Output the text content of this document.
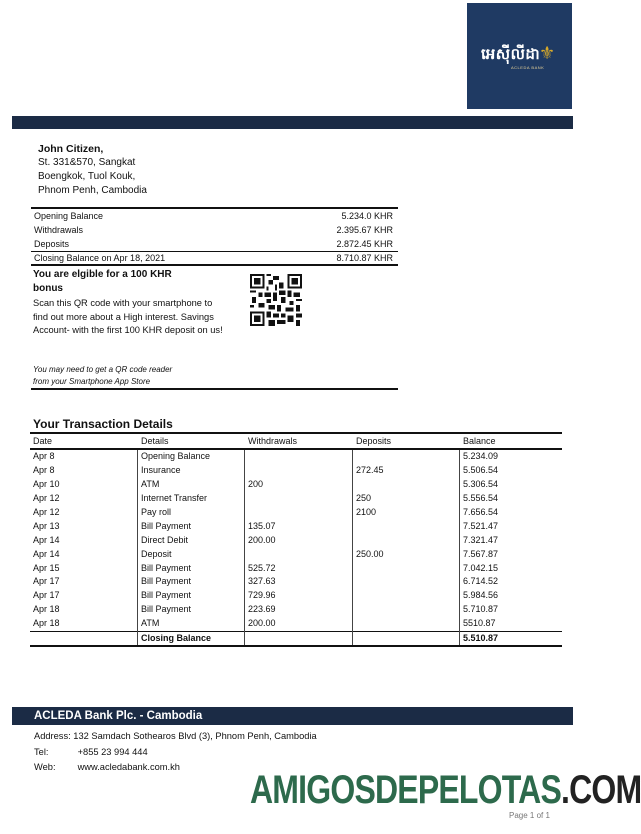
អេស៊ីលីដា
⚜
ACLEDA BANK
John Citizen,
St. 331&570, Sangkat
Boengkok, Tuol Kouk,
Phnom Penh, Cambodia
Opening Balance	5.234.0 KHR
Withdrawals	2.395.67 KHR
Deposits	2.872.45 KHR
Closing Balance on Apr 18, 2021	8.710.87 KHR
You are elgible for a 100 KHR bonus
Scan this QR code with your smartphone to find out more about a High interest. Savings Account- with the first 100 KHR deposit on us!
You may need to get a QR code reader
from your Smartphone App Store
Your Transaction Details
Date	Details	Withdrawals	Deposits	Balance
Apr 8	Opening Balance			5.234.09
Apr 8	Insurance		272.45	5.506.54
Apr 10	ATM	200		5.306.54
Apr 12	Internet Transfer		250	5.556.54
Apr 12	Pay roll		2100	7.656.54
Apr 13	Bill Payment	135.07		7.521.47
Apr 14	Direct Debit	200.00		7.321.47
Apr 14	Deposit		250.00	7.567.87
Apr 15	Bill Payment	525.72		7.042.15
Apr 17	Bill Payment	327.63		6.714.52
Apr 17	Bill Payment	729.96		5.984.56
Apr 18	Bill Payment	223.69		5.710.87
Apr 18	ATM	200.00		5510.87
	Closing Balance			5.510.87
ACLEDA Bank Plc. - Cambodia
Address: 132 Samdach Sothearos Blvd (3), Phnom Penh, Cambodia
Tel:	+855 23 994 444
Web: www.acledabank.com.kh
AMIGOSDEPELOTAS.COM
Page 1 of 1
